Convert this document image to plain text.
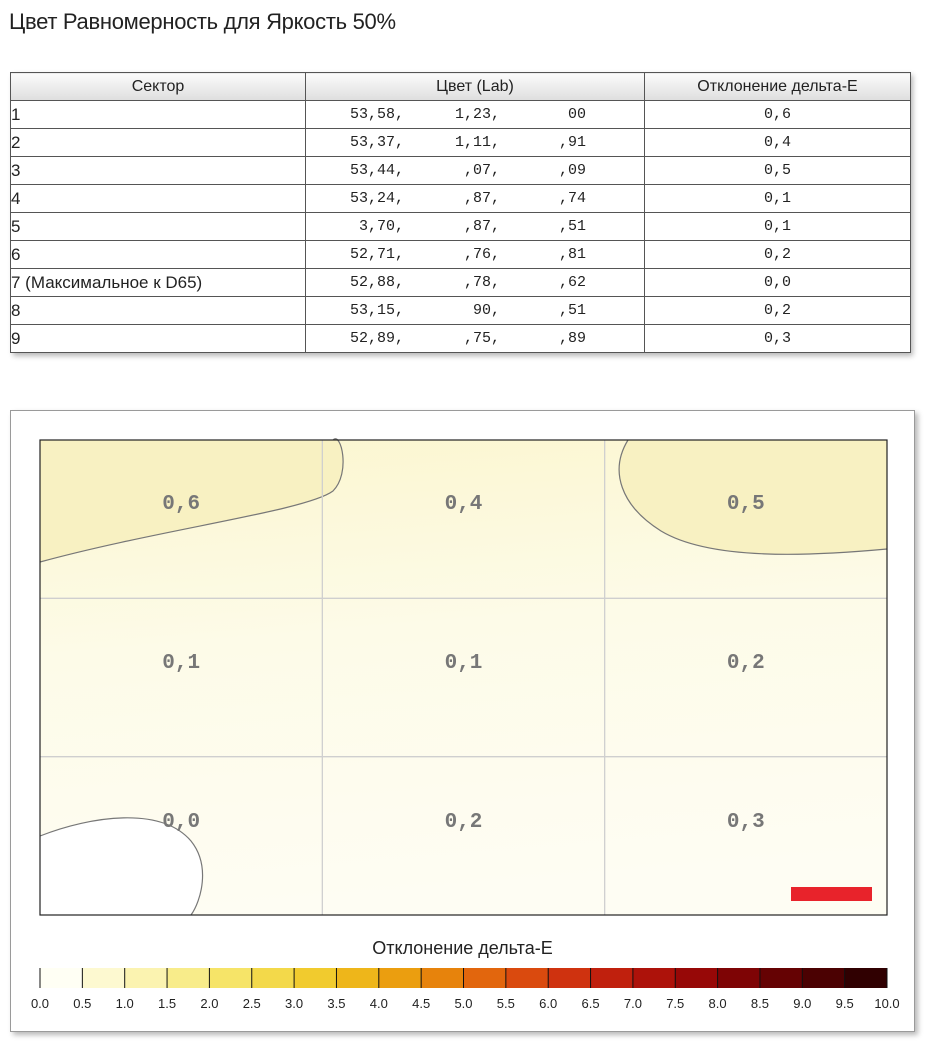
Цвет Равномерность для Яркость 50%
Сектор	Цвет (Lab)	Отклонение дельта-E
1	53,58, 1,23, 00	0,6
2	53,37, 1,11, ,91	0,4
3	53,44, ,07, ,09	0,5
4	53,24, ,87, ,74	0,1
5	3,70, ,87, ,51	0,1
6	52,71, ,76, ,81	0,2
7 (Максимальное к D65)	52,88, ,78, ,62	0,0
8	53,15, 90, ,51	0,2
9	52,89, ,75, ,89	0,3
0,6	0,4	0,5
0,1	0,1	0,2
0,0	0,2	0,3
0.0 0.5 1.0 1.5 2.0 2.5 3.0 3.5 4.0 4.5 5.0 5.5 6.0 6.5 7.0 7.5 8.0 8.5 9.0 9.5 10.0
Отклонение дельта-E
